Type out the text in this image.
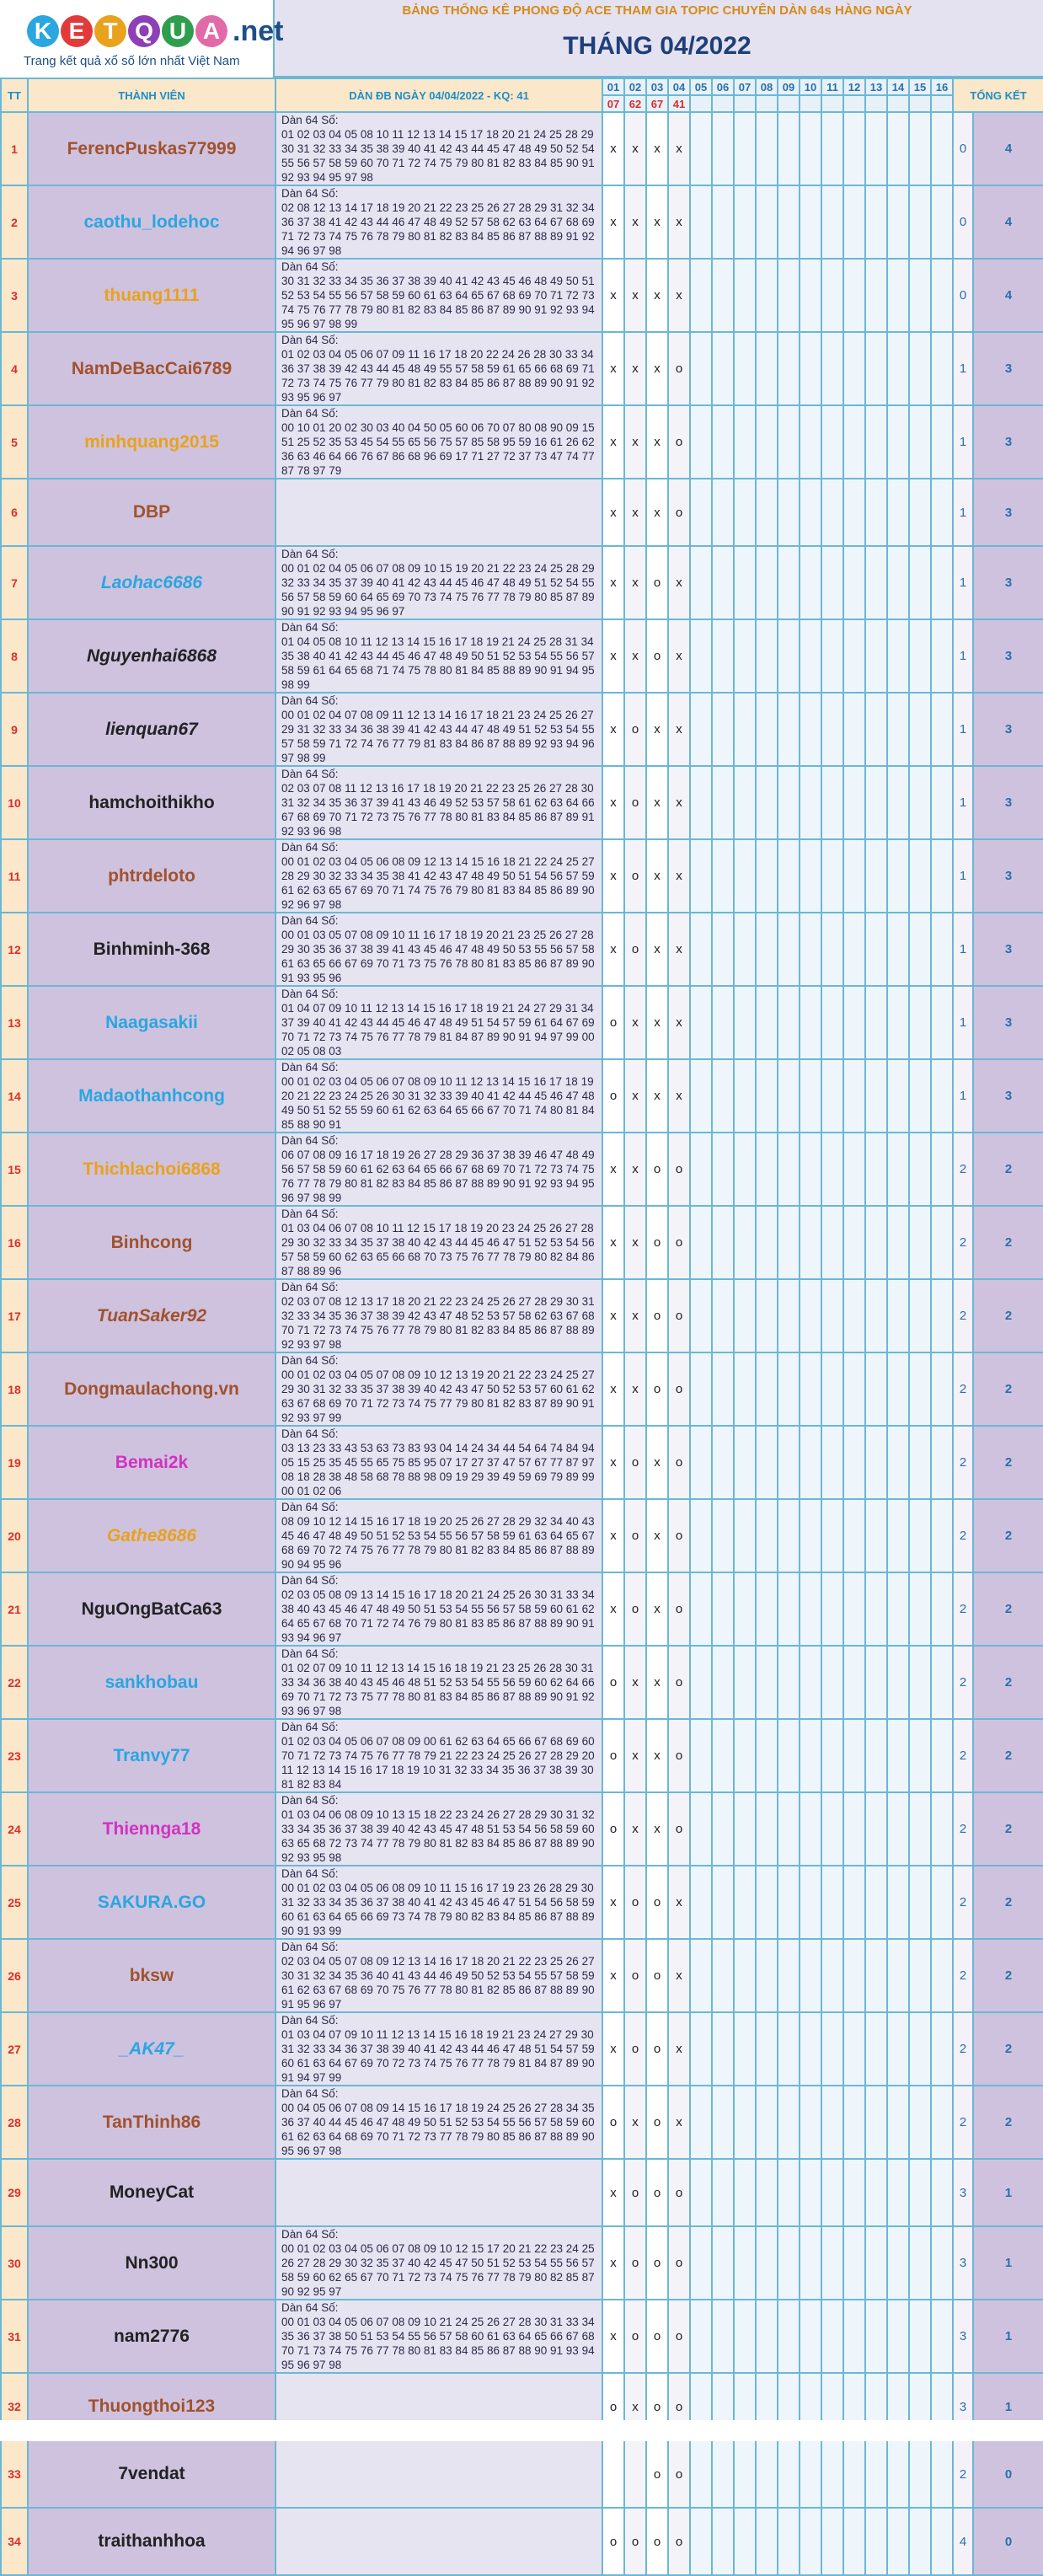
K E T Q U A .net
Trang kết quả xổ số lớn nhất Việt Nam
BẢNG THỐNG KÊ PHONG ĐỘ ACE THAM GIA TOPIC CHUYÊN DÀN 64s HÀNG NGÀY
THÁNG 04/2022
TT	THÀNH VIÊN	DÀN ĐB NGÀY 04/04/2022 - KQ: 41	01	02	03	04	05	06	07	08	09	10	11	12	13	14	15	16	TỔNG KẾT	
			07	62	67	41														
1	FerencPuskas77999	Dàn 64 Số:
01 02 03 04 05 08 10 11 12 13 14 15 17 18 20 21 24 25 28 29 30 31 32 33 34 35 38 39 40 41 42 43 44 45 47 48 49 50 52 54 55 56 57 58 59 60 70 71 72 74 75 79 80 81 82 83 84 85 90 91 92 93 94 95 97 98	x	x	x	x													0	4
2	caothu_lodehoc	Dàn 64 Số:
02 08 12 13 14 17 18 19 20 21 22 23 25 26 27 28 29 31 32 34 36 37 38 41 42 43 44 46 47 48 49 52 57 58 62 63 64 67 68 69 71 72 73 74 75 76 78 79 80 81 82 83 84 85 86 87 88 89 91 92 94 96 97 98	x	x	x	x													0	4
3	thuang1111	Dàn 64 Số:
30 31 32 33 34 35 36 37 38 39 40 41 42 43 45 46 48 49 50 51 52 53 54 55 56 57 58 59 60 61 63 64 65 67 68 69 70 71 72 73 74 75 76 77 78 79 80 81 82 83 84 85 86 87 89 90 91 92 93 94 95 96 97 98 99	x	x	x	x													0	4
4	NamDeBacCai6789	Dàn 64 Số:
01 02 03 04 05 06 07 09 11 16 17 18 20 22 24 26 28 30 33 34 36 37 38 39 42 43 44 45 48 49 55 57 58 59 61 65 66 68 69 71 72 73 74 75 76 77 79 80 81 82 83 84 85 86 87 88 89 90 91 92 93 95 96 97	x	x	x	o													1	3
5	minhquang2015	Dàn 64 Số:
00 10 01 20 02 30 03 40 04 50 05 60 06 70 07 80 08 90 09 15 51 25 52 35 53 45 54 55 65 56 75 57 85 58 95 59 16 61 26 62 36 63 46 64 66 76 67 86 68 96 69 17 71 27 72 37 73 47 74 77 87 78 97 79	x	x	x	o													1	3
6	DBP		x	x	x	o													1	3
7	Laohac6686	Dàn 64 Số:
00 01 02 04 05 06 07 08 09 10 15 19 20 21 22 23 24 25 28 29 32 33 34 35 37 39 40 41 42 43 44 45 46 47 48 49 51 52 54 55 56 57 58 59 60 64 65 69 70 73 74 75 76 77 78 79 80 85 87 89 90 91 92 93 94 95 96 97	x	x	o	x													1	3
8	Nguyenhai6868	Dàn 64 Số:
01 04 05 08 10 11 12 13 14 15 16 17 18 19 21 24 25 28 31 34 35 38 40 41 42 43 44 45 46 47 48 49 50 51 52 53 54 55 56 57 58 59 61 64 65 68 71 74 75 78 80 81 84 85 88 89 90 91 94 95 98 99	x	x	o	x													1	3
9	lienquan67	Dàn 64 Số:
00 01 02 04 07 08 09 11 12 13 14 16 17 18 21 23 24 25 26 27 29 31 32 33 34 36 38 39 41 42 43 44 47 48 49 51 52 53 54 55 57 58 59 71 72 74 76 77 79 81 83 84 86 87 88 89 92 93 94 96 97 98 99	x	o	x	x													1	3
10	hamchoithikho	Dàn 64 Số:
02 03 07 08 11 12 13 16 17 18 19 20 21 22 23 25 26 27 28 30 31 32 34 35 36 37 39 41 43 46 49 52 53 57 58 61 62 63 64 66 67 68 69 70 71 72 73 75 76 77 78 80 81 83 84 85 86 87 89 91 92 93 96 98	x	o	x	x													1	3
11	phtrdeloto	Dàn 64 Số:
00 01 02 03 04 05 06 08 09 12 13 14 15 16 18 21 22 24 25 27 28 29 30 32 33 34 35 38 41 42 43 47 48 49 50 51 54 56 57 59 61 62 63 65 67 69 70 71 74 75 76 79 80 81 83 84 85 86 89 90 92 96 97 98	x	o	x	x													1	3
12	Binhminh-368	Dàn 64 Số:
00 01 03 05 07 08 09 10 11 16 17 18 19 20 21 23 25 26 27 28 29 30 35 36 37 38 39 41 43 45 46 47 48 49 50 53 55 56 57 58 61 63 65 66 67 69 70 71 73 75 76 78 80 81 83 85 86 87 89 90 91 93 95 96	x	o	x	x													1	3
13	Naagasakii	Dàn 64 Số:
01 04 07 09 10 11 12 13 14 15 16 17 18 19 21 24 27 29 31 34 37 39 40 41 42 43 44 45 46 47 48 49 51 54 57 59 61 64 67 69 70 71 72 73 74 75 76 77 78 79 81 84 87 89 90 91 94 97 99 00 02 05 08 03	o	x	x	x													1	3
14	Madaothanhcong	Dàn 64 Số:
00 01 02 03 04 05 06 07 08 09 10 11 12 13 14 15 16 17 18 19 20 21 22 23 24 25 26 30 31 32 33 39 40 41 42 44 45 46 47 48 49 50 51 52 55 59 60 61 62 63 64 65 66 67 70 71 74 80 81 84 85 88 90 91	o	x	x	x													1	3
15	Thichlachoi6868	Dàn 64 Số:
06 07 08 09 16 17 18 19 26 27 28 29 36 37 38 39 46 47 48 49 56 57 58 59 60 61 62 63 64 65 66 67 68 69 70 71 72 73 74 75 76 77 78 79 80 81 82 83 84 85 86 87 88 89 90 91 92 93 94 95 96 97 98 99	x	x	o	o													2	2
16	Binhcong	Dàn 64 Số:
01 03 04 06 07 08 10 11 12 15 17 18 19 20 23 24 25 26 27 28 29 30 32 33 34 35 37 38 40 42 43 44 45 46 47 51 52 53 54 56 57 58 59 60 62 63 65 66 68 70 73 75 76 77 78 79 80 82 84 86 87 88 89 96	x	x	o	o													2	2
17	TuanSaker92	Dàn 64 Số:
02 03 07 08 12 13 17 18 20 21 22 23 24 25 26 27 28 29 30 31 32 33 34 35 36 37 38 39 42 43 47 48 52 53 57 58 62 63 67 68 70 71 72 73 74 75 76 77 78 79 80 81 82 83 84 85 86 87 88 89 92 93 97 98	x	x	o	o													2	2
18	Dongmaulachong.vn	Dàn 64 Số:
00 01 02 03 04 05 07 08 09 10 12 13 19 20 21 22 23 24 25 27 29 30 31 32 33 35 37 38 39 40 42 43 47 50 52 53 57 60 61 62 63 67 68 69 70 71 72 73 74 75 77 79 80 81 82 83 87 89 90 91 92 93 97 99	x	x	o	o													2	2
19	Bemai2k	Dàn 64 Số:
03 13 23 33 43 53 63 73 83 93 04 14 24 34 44 54 64 74 84 94 05 15 25 35 45 55 65 75 85 95 07 17 27 37 47 57 67 77 87 97 08 18 28 38 48 58 68 78 88 98 09 19 29 39 49 59 69 79 89 99 00 01 02 06	x	o	x	o													2	2
20	Gathe8686	Dàn 64 Số:
08 09 10 12 14 15 16 17 18 19 20 25 26 27 28 29 32 34 40 43 45 46 47 48 49 50 51 52 53 54 55 56 57 58 59 61 63 64 65 67 68 69 70 72 74 75 76 77 78 79 80 81 82 83 84 85 86 87 88 89 90 94 95 96	x	o	x	o													2	2
21	NguOngBatCa63	Dàn 64 Số:
02 03 05 08 09 13 14 15 16 17 18 20 21 24 25 26 30 31 33 34 38 40 43 45 46 47 48 49 50 51 53 54 55 56 57 58 59 60 61 62 64 65 67 68 70 71 72 74 76 79 80 81 83 85 86 87 88 89 90 91 93 94 96 97	x	o	x	o													2	2
22	sankhobau	Dàn 64 Số:
01 02 07 09 10 11 12 13 14 15 16 18 19 21 23 25 26 28 30 31 33 34 36 38 40 43 45 46 48 51 52 53 54 55 56 59 60 62 64 66 69 70 71 72 73 75 77 78 80 81 83 84 85 86 87 88 89 90 91 92 93 96 97 98	o	x	x	o													2	2
23	Tranvy77	Dàn 64 Số:
01 02 03 04 05 06 07 08 09 00 61 62 63 64 65 66 67 68 69 60 70 71 72 73 74 75 76 77 78 79 21 22 23 24 25 26 27 28 29 20 11 12 13 14 15 16 17 18 19 10 31 32 33 34 35 36 37 38 39 30 81 82 83 84	o	x	x	o													2	2
24	Thiennga18	Dàn 64 Số:
01 03 04 06 08 09 10 13 15 18 22 23 24 26 27 28 29 30 31 32 33 34 35 36 37 38 39 40 42 43 45 47 48 51 53 54 56 58 59 60 63 65 68 72 73 74 77 78 79 80 81 82 83 84 85 86 87 88 89 90 92 93 95 98	o	x	x	o													2	2
25	SAKURA.GO	Dàn 64 Số:
00 01 02 03 04 05 06 08 09 10 11 15 16 17 19 23 26 28 29 30 31 32 33 34 35 36 37 38 40 41 42 43 45 46 47 51 54 56 58 59 60 61 63 64 65 66 69 73 74 78 79 80 82 83 84 85 86 87 88 89 90 91 93 99	x	o	o	x													2	2
26	bksw	Dàn 64 Số:
02 03 04 05 07 08 09 12 13 14 16 17 18 20 21 22 23 25 26 27 30 31 32 34 35 36 40 41 43 44 46 49 50 52 53 54 55 57 58 59 61 62 63 67 68 69 70 75 76 77 78 80 81 82 85 86 87 88 89 90 91 95 96 97	x	o	o	x													2	2
27	_AK47_	Dàn 64 Số:
01 03 04 07 09 10 11 12 13 14 15 16 18 19 21 23 24 27 29 30 31 32 33 34 36 37 38 39 40 41 42 43 44 46 47 48 51 54 57 59 60 61 63 64 67 69 70 72 73 74 75 76 77 78 79 81 84 87 89 90 91 94 97 99	x	o	o	x													2	2
28	TanThinh86	Dàn 64 Số:
00 04 05 06 07 08 09 14 15 16 17 18 19 24 25 26 27 28 34 35 36 37 40 44 45 46 47 48 49 50 51 52 53 54 55 56 57 58 59 60 61 62 63 64 68 69 70 71 72 73 77 78 79 80 85 86 87 88 89 90 95 96 97 98	o	x	o	x													2	2
29	MoneyCat		x	o	o	o													3	1
30	Nn300	Dàn 64 Số:
00 01 02 03 04 05 06 07 08 09 10 12 15 17 20 21 22 23 24 25 26 27 28 29 30 32 35 37 40 42 45 47 50 51 52 53 54 55 56 57 58 59 60 62 65 67 70 71 72 73 74 75 76 77 78 79 80 82 85 87 90 92 95 97	x	o	o	o													3	1
31	nam2776	Dàn 64 Số:
00 01 03 04 05 06 07 08 09 10 21 24 25 26 27 28 30 31 33 34 35 36 37 38 50 51 53 54 55 56 57 58 60 61 63 64 65 66 67 68 70 71 73 74 75 76 77 78 80 81 83 84 85 86 87 88 90 91 93 94 95 96 97 98	x	o	o	o													3	1
32	Thuongthoi123		o	x	o	o													3	1
33	7vendat				o	o													2	0
34	traithanhhoa		o	o	o	o													4	0
